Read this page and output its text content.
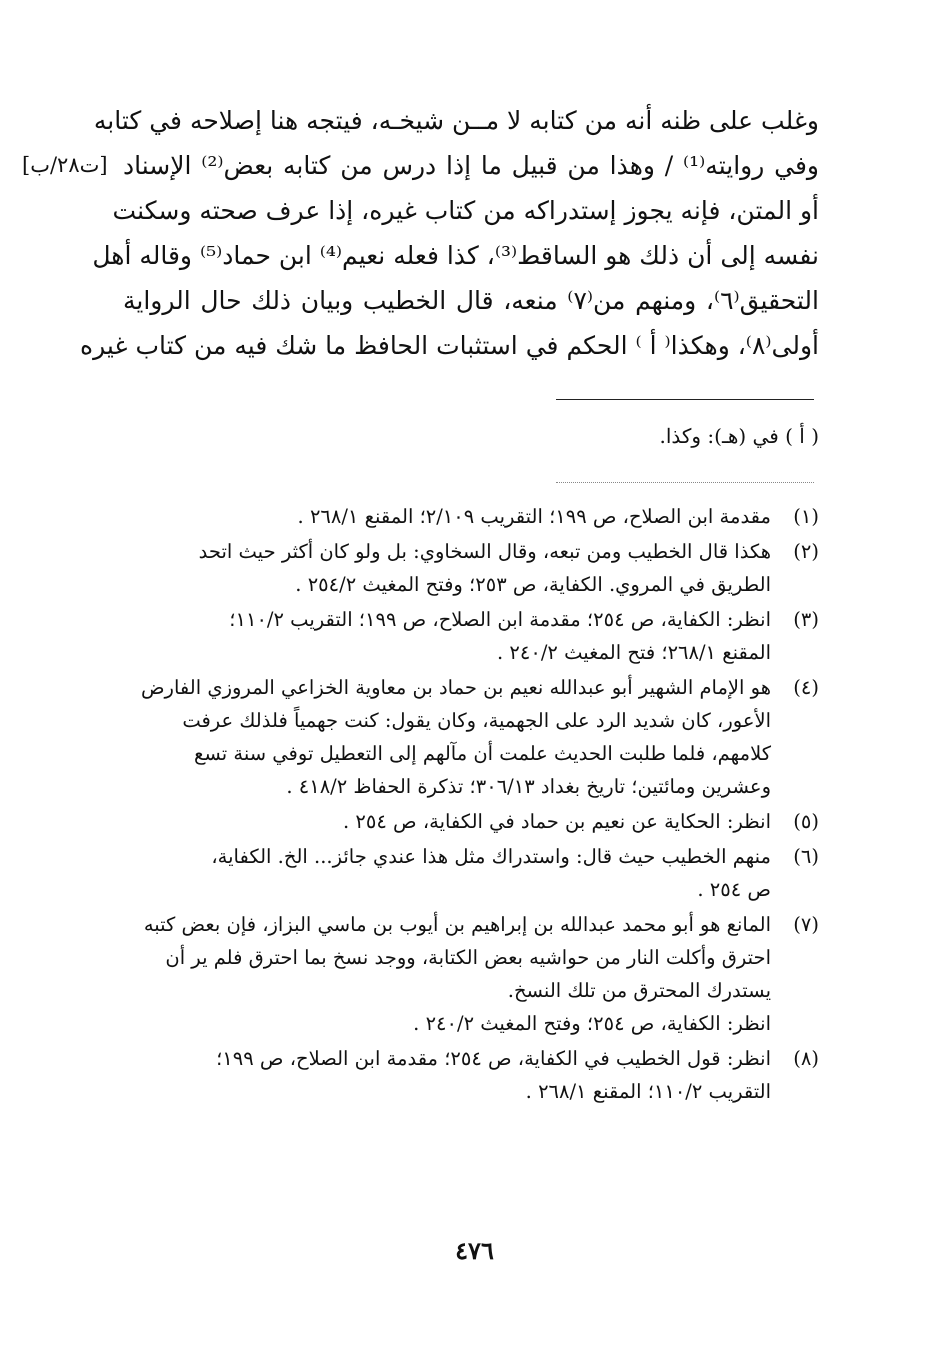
[ت٢٨/ب]
وغلب على ظنه أنه من كتابه لا مــن شيخـه، فيتجه هنا إصلاحه في كتابه
وفي روايته⁽¹⁾ / وهذا من قبيل ما إذا درس من كتابه بعض⁽²⁾ الإسناد
أو المتن، فإنه يجوز إستدراكه من كتاب غيره، إذا عرف صحته وسكنت
نفسه إلى أن ذلك هو الساقط⁽³⁾، كذا فعله نعيم⁽⁴⁾ ابن حماد⁽⁵⁾ وقاله أهل
التحقيق⁽٦⁾، ومنهم من⁽٧⁾ منعه، قال الخطيب وبيان ذلك حال الرواية
أولى⁽٨⁾، وهكذا⁽ أ ⁾ الحكم في استثبات الحافظ ما شك فيه من كتاب غيره
( أ ) في (هـ): وكذا.
(١)
مقدمة ابن الصلاح، ص ١٩٩؛ التقريب ٢/١٠٩؛ المقنع ٢٦٨/١ .
(٢)
هكذا قال الخطيب ومن تبعه، وقال السخاوي: بل ولو كان أكثر حيث اتحد
الطريق في المروي. الكفاية، ص ٢٥٣؛ وفتح المغيث ٢٥٤/٢ .
(٣)
انظر: الكفاية، ص ٢٥٤؛ مقدمة ابن الصلاح، ص ١٩٩؛ التقريب ١١٠/٢؛
المقنع ٢٦٨/١؛ فتح المغيث ٢٤٠/٢ .
(٤)
هو الإمام الشهير أبو عبدالله نعيم بن حماد بن معاوية الخزاعي المروزي الفارض
الأعور، كان شديد الرد على الجهمية، وكان يقول: كنت جهمياً فلذلك عرفت
كلامهم، فلما طلبت الحديث علمت أن مآلهم إلى التعطيل توفي سنة تسع
وعشرين ومائتين؛ تاريخ بغداد ٣٠٦/١٣؛ تذكرة الحفاظ ٤١٨/٢ .
(٥)
انظر: الحكاية عن نعيم بن حماد في الكفاية، ص ٢٥٤ .
(٦)
منهم الخطيب حيث قال: واستدراك مثل هذا عندي جائز... الخ. الكفاية،
ص ٢٥٤ .
(٧)
المانع هو أبو محمد عبدالله بن إبراهيم بن أيوب بن ماسي البزاز، فإن بعض كتبه
احترق وأكلت النار من حواشيه بعض الكتابة، ووجد نسخ بما احترق فلم ير أن
يستدرك المحترق من تلك النسخ.
انظر: الكفاية، ص ٢٥٤؛ وفتح المغيث ٢٤٠/٢ .
(٨)
انظر: قول الخطيب في الكفاية، ص ٢٥٤؛ مقدمة ابن الصلاح، ص ١٩٩؛
التقريب ١١٠/٢؛ المقنع ٢٦٨/١ .
٤٧٦
